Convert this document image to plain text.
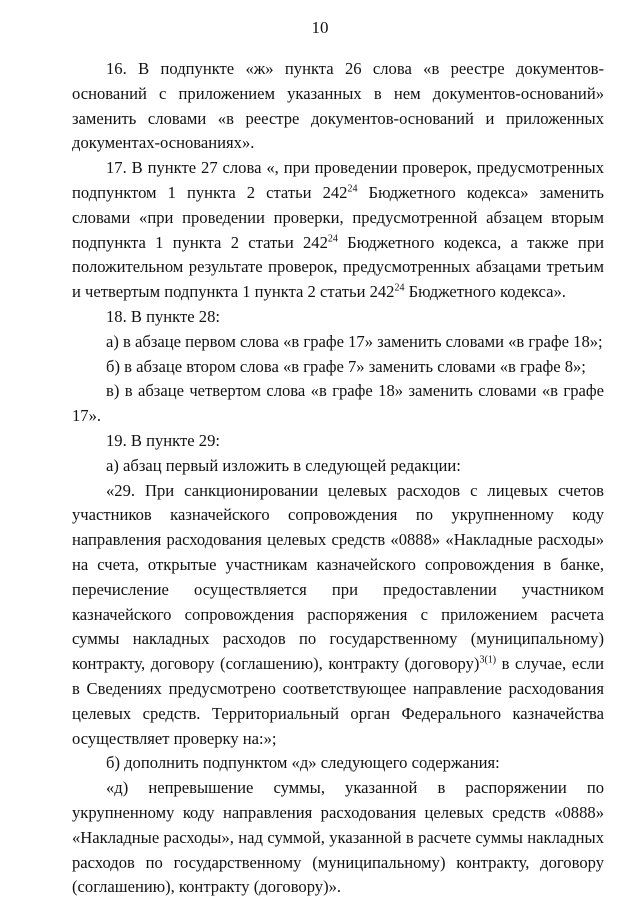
10

16. В подпункте «ж» пункта 26 слова «в реестре документов-оснований с приложением указанных в нем документов-оснований» заменить словами «в реестре документов-оснований и приложенных документах-основаниях».

17. В пункте 27 слова «, при проведении проверок, предусмотренных подпунктом 1 пункта 2 статьи $242^{24}$ Бюджетного кодекса» заменить словами «при проведении проверки, предусмотренной абзацем вторым подпункта 1 пункта 2 статьи $242^{24}$ Бюджетного кодекса, а также при положительном результате проверок, предусмотренных абзацами третьим и четвертым подпункта 1 пункта 2 статьи $242^{24}$ Бюджетного кодекса».

18. В пункте 28:

а) в абзаце первом слова «в графе 17» заменить словами «в графе 18»;

б) в абзаце втором слова «в графе 7» заменить словами «в графе 8»;

в) в абзаце четвертом слова «в графе 18» заменить словами «в графе 17».

19. В пункте 29:

а) абзац первый изложить в следующей редакции:

«29. При санкционировании целевых расходов с лицевых счетов участников казначейского сопровождения по укрупненному коду направления расходования целевых средств «0888» «Накладные расходы» на счета, открытые участникам казначейского сопровождения в банке, перечисление осуществляется при предоставлении участником казначейского сопровождения распоряжения с приложением расчета суммы накладных расходов по государственному (муниципальному) контракту, договору (соглашению), контракту (договору)$^{3(1)}$ в случае, если в Сведениях предусмотрено соответствующее направление расходования целевых средств. Территориальный орган Федерального казначейства осуществляет проверку на:»;

б) дополнить подпунктом «д» следующего содержания:

«д) непревышение суммы, указанной в распоряжении по укрупненному коду направления расходования целевых средств «0888» «Накладные расходы», над суммой, указанной в расчете суммы накладных расходов по государственному (муниципальному) контракту, договору (соглашению), контракту (договору)».
